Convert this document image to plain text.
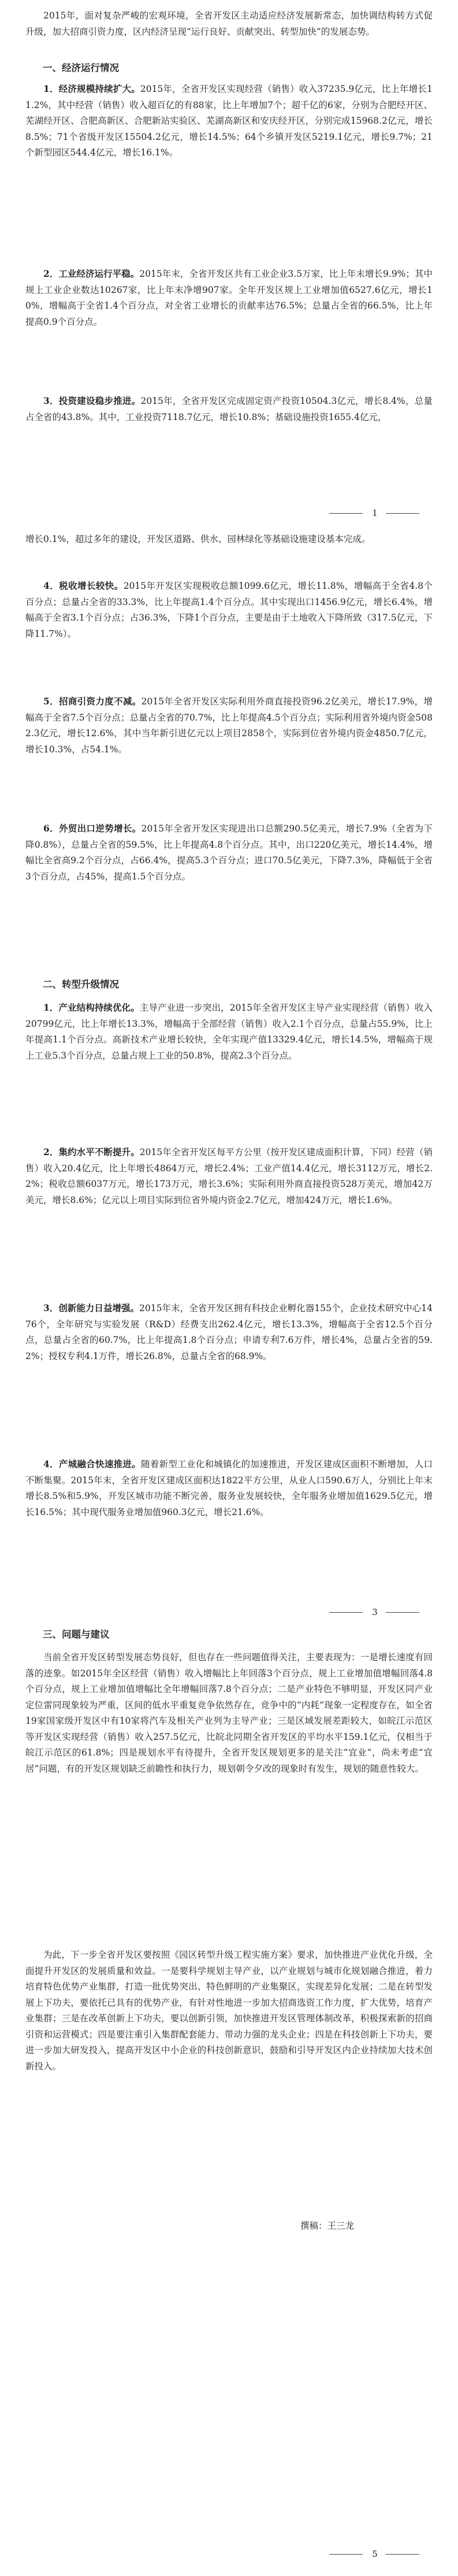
2015年，面对复杂严峻的宏观环境，全省开发区主动适应经济发展新常态，加快调结构转方式促升级，加大招商引资力度，区内经济呈现“运行良好、贡献突出、转型加快”的发展态势。

一、经济运行情况

1．经济规模持续扩大。2015年，全省开发区实现经营（销售）收入37235.9亿元，比上年增长11.2%，其中经营（销售）收入超百亿的有88家，比上年增加7个；超千亿的6家，分别为合肥经开区、芜湖经开区、合肥高新区、合肥新站实验区、芜湖高新区和安庆经开区，分别完成15968.2亿元，增长8.5%；71个省级开发区15504.2亿元，增长14.5%；64个乡镇开发区5219.1亿元，增长9.7%；21个新型园区544.4亿元，增长16.1%。

2．工业经济运行平稳。2015年末，全省开发区共有工业企业3.5万家，比上年末增长9.9%；其中规上工业企业数达10267家，比上年末净增907家。全年开发区规上工业增加值6527.6亿元，增长10%，增幅高于全省1.4个百分点，对全省工业增长的贡献率达76.5%；总量占全省的66.5%，比上年提高0.9个百分点。

3．投资建设稳步推进。2015年，全省开发区完成固定资产投资10504.3亿元，增长8.4%，总量占全省的43.8%。其中，工业投资7118.7亿元，增长10.8%；基础设施投资1655.4亿元，

1

增长0.1%，超过多年的建设，开发区道路、供水、园林绿化等基础设施建设基本完成。

4．税收增长较快。2015年开发区实现税收总额1099.6亿元，增长11.8%，增幅高于全省4.8个百分点；总量占全省的33.3%，比上年提高1.4个百分点。其中实现出口1456.9亿元，增长6.4%，增幅高于全省3.1个百分点；占36.3%，下降1个百分点，主要是由于土地收入下降所致（317.5亿元，下降11.7%）。

5．招商引资力度不减。2015年全省开发区实际利用外商直接投资96.2亿美元，增长17.9%，增幅高于全省7.5个百分点；总量占全省的70.7%，比上年提高4.5个百分点；实际利用省外境内资金5082.3亿元，增长12.6%，其中当年新引进亿元以上项目2858个，实际到位省外境内资金4850.7亿元，增长10.3%，占54.1%。

6．外贸出口逆势增长。2015年全省开发区实现进出口总额290.5亿美元，增长7.9%（全省为下降0.8%），总量占全省的59.5%，比上年提高4.8个百分点。其中，出口220亿美元，增长14.4%，增幅比全省高9.2个百分点，占66.4%，提高5.3个百分点；进口70.5亿美元，下降7.3%，降幅低于全省3个百分点，占45%，提高1.5个百分点。

二、转型升级情况

1．产业结构持续优化。主导产业进一步突出，2015年全省开发区主导产业实现经营（销售）收入20799亿元，比上年增长13.3%，增幅高于全部经营（销售）收入2.1个百分点，总量占55.9%，比上年提高1.1个百分点。高新技术产业增长较快，全年实现产值13329.4亿元，增长14.5%，增幅高于规上工业5.3个百分点，总量占规上工业的50.8%，提高2.3个百分点。

2．集约水平不断提升。2015年全省开发区每平方公里（按开发区建成面积计算，下同）经营（销售）收入20.4亿元，比上年增长4864万元，增长2.4%；工业产值14.4亿元，增长3112万元，增长2.2%；税收总额6037万元，增长173万元，增长3.6%；实际利用外商直接投资528万美元，增加42万美元，增长8.6%；亿元以上项目实际到位省外境内资金2.7亿元，增加424万元，增长1.6%。

3．创新能力日益增强。2015年末，全省开发区拥有科技企业孵化器155个，企业技术研究中心1476个，全年研究与实验发展（R&D）经费支出262.4亿元，增长13.3%，增幅高于全省12.5个百分点，总量占全省的60.7%，比上年提高1.8个百分点；申请专利7.6万件，增长4%，总量占全省的59.2%；授权专利4.1万件，增长26.8%，总量占全省的68.9%。

4．产城融合快速推进。随着新型工业化和城镇化的加速推进，开发区建成区面积不断增加，人口不断集聚。2015年末，全省开发区建成区面积达1822平方公里，从业人口590.6万人，分别比上年末增长8.5%和5.9%，开发区城市功能不断完善，服务业发展较快，全年服务业增加值1629.5亿元，增长16.5%；其中现代服务业增加值960.3亿元，增长21.6%。

3
三、问题与建议

当前全省开发区转型发展态势良好，但也存在一些问题值得关注，主要表现为：一是增长速度有回落的迹象。如2015年全区经营（销售）收入增幅比上年回落3个百分点，规上工业增加值增幅回落4.8个百分点，规上工业增加值增幅比全年增幅回落7.8个百分点；二是产业特色不够明显，开发区同产业定位雷同现象较为严重，区间的低水平重复竞争依然存在，竞争中的“内耗”现象一定程度存在，如全省19家国家级开发区中有10家将汽车及相关产业列为主导产业；三是区域发展差距较大，如皖江示范区等开发区实现经营（销售）收入257.5亿元，比皖北同期全省开发区的平均水平159.1亿元，仅相当于皖江示范区的61.8%；四是规划水平有待提升，全省开发区规划更多的是关注“宜业”，尚未考虑“宜居”问题，有的开发区规划缺乏前瞻性和执行力，规划朝令夕改的现象时有发生，规划的随意性较大。

为此，下一步全省开发区要按照《园区转型升级工程实施方案》要求，加快推进产业优化升级，全面提升开发区的发展质量和效益。一是要科学规划主导产业，以产业规划与城市化规划融合推进，着力培育特色优势产业集群，打造一批优势突出、特色鲜明的产业集聚区，实现差异化发展；二是在转型发展上下功夫，要依托已具有的优势产业，有针对性地进一步加大招商选资工作力度，扩大优势，培育产业集群；三是在改革创新上下功夫，要以创新引领，加快推进开发区管理体制改革，积极探索新的招商引资和运营模式；四是要注重引入集群配套能力、带动力强的龙头企业；四是在科技创新上下功夫，要进一步加大研发投入，提高开发区中小企业的科技创新意识，鼓励和引导开发区内企业持续加大技术创新投入。

撰稿：王三龙
5
